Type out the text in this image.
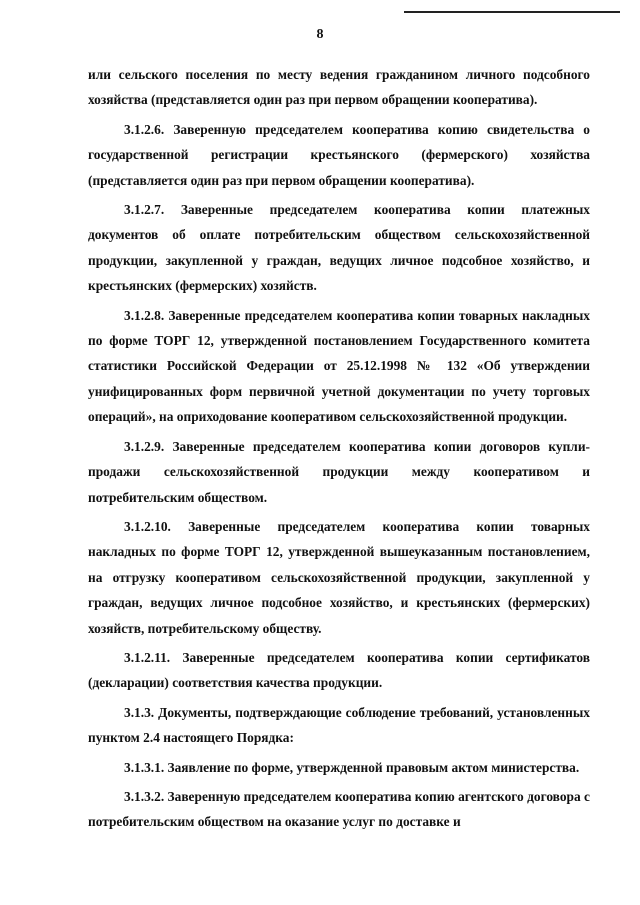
8

или сельского поселения по месту ведения гражданином личного подсобного хозяйства (представляется один раз при первом обращении кооператива).

3.1.2.6. Заверенную председателем кооператива копию свидетельства о государственной регистрации крестьянского (фермерского) хозяйства (представляется один раз при первом обращении кооператива).

3.1.2.7. Заверенные председателем кооператива копии платежных документов об оплате потребительским обществом сельскохозяйственной продукции, закупленной у граждан, ведущих личное подсобное хозяйство, и крестьянских (фермерских) хозяйств.

3.1.2.8. Заверенные председателем кооператива копии товарных накладных по форме ТОРГ 12, утвержденной постановлением Государственного комитета статистики Российской Федерации от 25.12.1998 № 132 «Об утверждении унифицированных форм первичной учетной документации по учету торговых операций», на оприходование кооперативом сельскохозяйственной продукции.

3.1.2.9. Заверенные председателем кооператива копии договоров купли-продажи сельскохозяйственной продукции между кооперативом и потребительским обществом.

3.1.2.10. Заверенные председателем кооператива копии товарных накладных по форме ТОРГ 12, утвержденной вышеуказанным постановлением, на отгрузку кооперативом сельскохозяйственной продукции, закупленной у граждан, ведущих личное подсобное хозяйство, и крестьянских (фермерских) хозяйств, потребительскому обществу.

3.1.2.11. Заверенные председателем кооператива копии сертификатов (декларации) соответствия качества продукции.

3.1.3. Документы, подтверждающие соблюдение требований, установленных пунктом 2.4 настоящего Порядка:

3.1.3.1. Заявление по форме, утвержденной правовым актом министерства.

3.1.3.2. Заверенную председателем кооператива копию агентского договора с потребительским обществом на оказание услуг по доставке и
